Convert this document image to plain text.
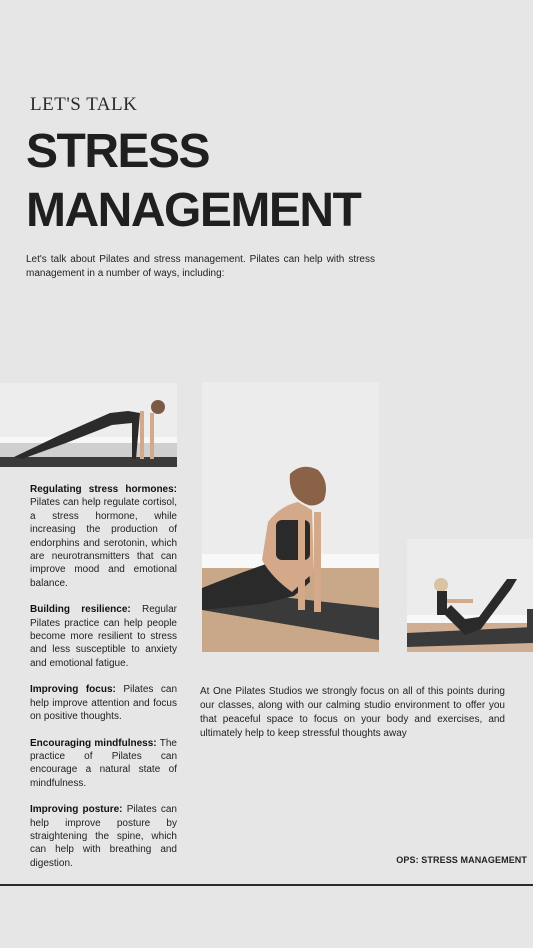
LET'S TALK
STRESS
MANAGEMENT

Let's talk about Pilates and stress management. Pilates can help with stress management in a number of ways, including:

Regulating stress hormones: Pilates can help regulate cortisol, a stress hormone, while increasing the production of endorphins and serotonin, which are neurotransmitters that can improve mood and emotional balance.

Building resilience: Regular Pilates practice can help people become more resilient to stress and less susceptible to anxiety and emotional fatigue.

Improving focus: Pilates can help improve attention and focus on positive thoughts.

Encouraging mindfulness: The practice of Pilates can encourage a natural state of mindfulness.

Improving posture: Pilates can help improve posture by straightening the spine, which can help with breathing and digestion.

At One Pilates Studios we strongly focus on all of this points during our classes, along with our calming studio environment to offer you that peaceful space to focus on your body and exercises, and ultimately help to keep stressful thoughts away

OPS: STRESS MANAGEMENT
